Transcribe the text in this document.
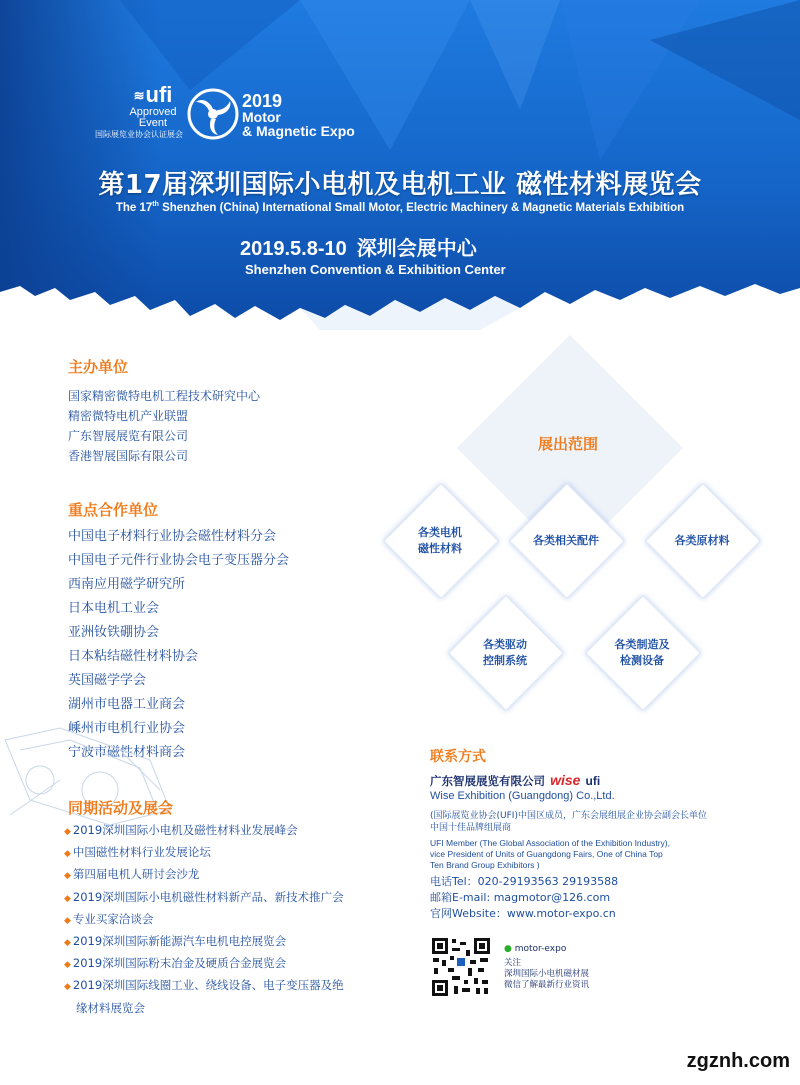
≋ufi
Approved
Event
国际展览业协会认证展会
2019
Motor
& Magnetic Expo
第17届深圳国际小电机及电机工业 磁性材料展览会
The 17th Shenzhen (China) International Small Motor, Electric Machinery & Magnetic Materials Exhibition
2019.5.8-10 深圳会展中心
Shenzhen Convention & Exhibition Center
主办单位
国家精密微特电机工程技术研究中心
精密微特电机产业联盟
广东智展展览有限公司
香港智展国际有限公司
重点合作单位
中国电子材料行业协会磁性材料分会
中国电子元件行业协会电子变压器分会
西南应用磁学研究所
日本电机工业会
亚洲钕铁硼协会
日本粘结磁性材料协会
英国磁学学会
湖州市电器工业商会
嵊州市电机行业协会
宁波市磁性材料商会
同期活动及展会
◆ 2019深圳国际小电机及磁性材料业发展峰会
◆ 中国磁性材料行业发展论坛
◆ 第四届电机人研讨会沙龙
◆ 2019深圳国际小电机磁性材料新产品、新技术推广会
◆ 专业买家洽谈会
◆ 2019深圳国际新能源汽车电机电控展览会
◆ 2019深圳国际粉末冶金及硬质合金展览会
◆ 2019深圳国际线圈工业、绕线设备、电子变压器及绝
缘材料展览会
展出范围
各类电机
磁性材料
各类相关配件	各类原材料
各类驱动
控制系统
各类制造及
检测设备
联系方式
广东智展展览有限公司 wise ufi
Wise Exhibition (Guangdong) Co.,Ltd.
(国际展览业协会(UFI)中国区成员，广东会展组展企业协会副会长单位
中国十佳品牌组展商
UFI Member (The Global Association of the Exhibition Industry),
vice President of Units of Guangdong Fairs, One of China Top
Ten Brand Group Exhibitors )
电话Tel：020-29193563 29193588
邮箱E-mail: magmotor@126.com
官网Website：www.motor-expo.cn
● motor-expo
关注
深圳国际小电机磁材展
微信了解最新行业资讯
zgznh.com
